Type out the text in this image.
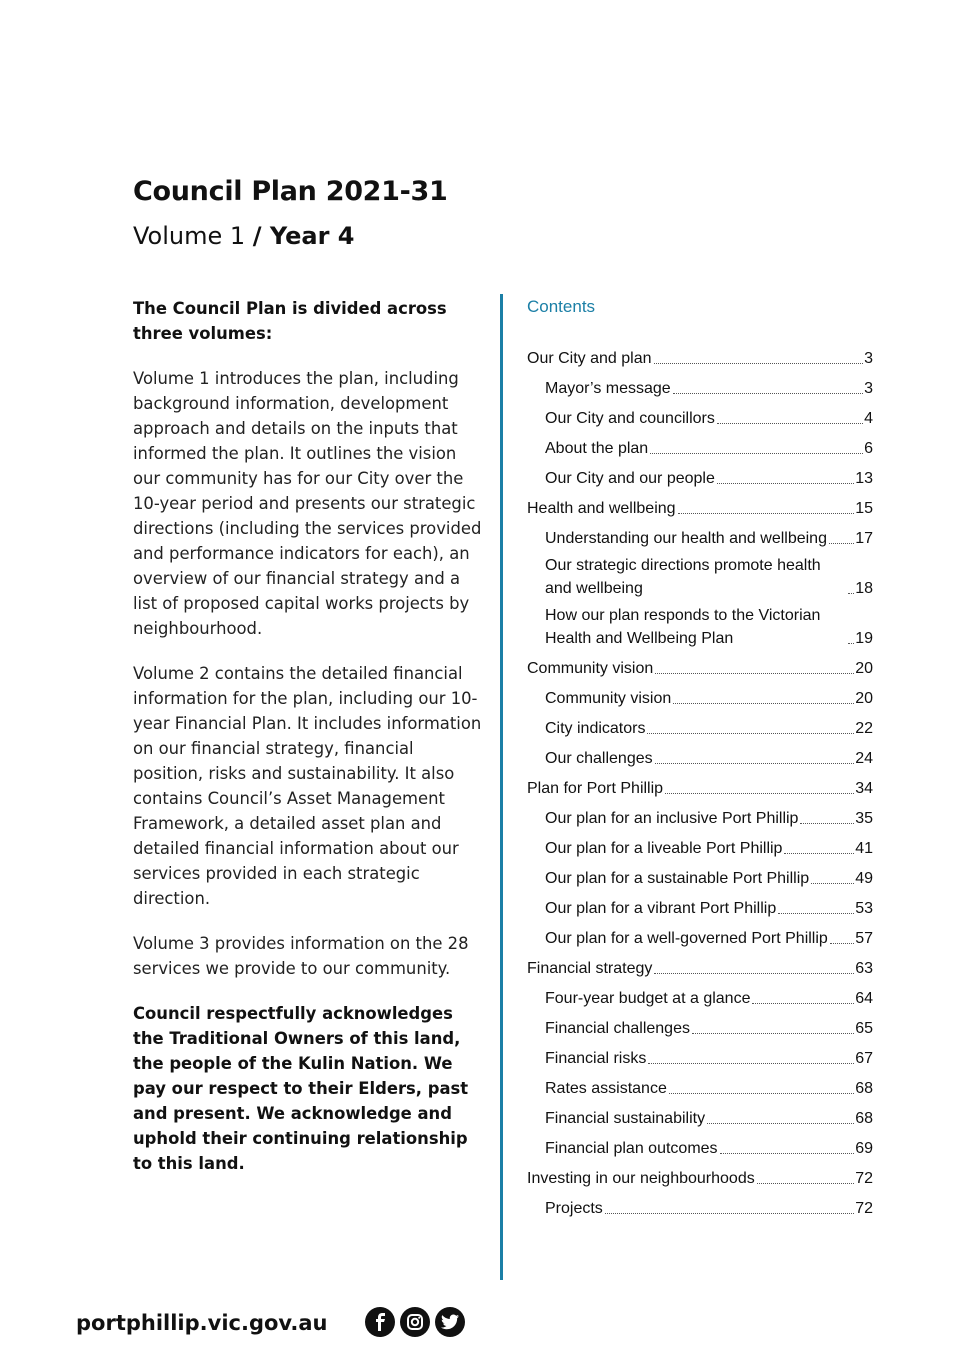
Council Plan 2021-31
Volume 1 / Year 4

The Council Plan is divided across three volumes:

Volume 1 introduces the plan, including background information, development approach and details on the inputs that informed the plan. It outlines the vision our community has for our City over the 10-year period and presents our strategic directions (including the services provided and performance indicators for each), an overview of our financial strategy and a list of proposed capital works projects by neighbourhood.

Volume 2 contains the detailed financial information for the plan, including our 10-year Financial Plan. It includes information on our financial strategy, financial position, risks and sustainability. It also contains Council’s Asset Management Framework, a detailed asset plan and detailed financial information about our services provided in each strategic direction.

Volume 3 provides information on the 28 services we provide to our community.

Council respectfully acknowledges the Traditional Owners of this land, the people of the Kulin Nation. We pay our respect to their Elders, past and present. We acknowledge and uphold their continuing relationship to this land.

Contents
Our City and plan	3
Mayor’s message	3
Our City and councillors	4
About the plan	6
Our City and our people	13
Health and wellbeing	15
Understanding our health and wellbeing 17
Our strategic directions promote health and wellbeing	18
How our plan responds to the Victorian Health and Wellbeing Plan	19
Community vision	20
Community vision	20
City indicators	22
Our challenges	24
Plan for Port Phillip	34
Our plan for an inclusive Port Phillip	35
Our plan for a liveable Port Phillip	41
Our plan for a sustainable Port Phillip	49
Our plan for a vibrant Port Phillip	53
Our plan for a well-governed Port Phillip 57
Financial strategy	63
Four-year budget at a glance	64
Financial challenges	65
Financial risks	67
Rates assistance	68
Financial sustainability	68
Financial plan outcomes	69
Investing in our neighbourhoods	72
Projects	72
portphillip.vic.gov.au
